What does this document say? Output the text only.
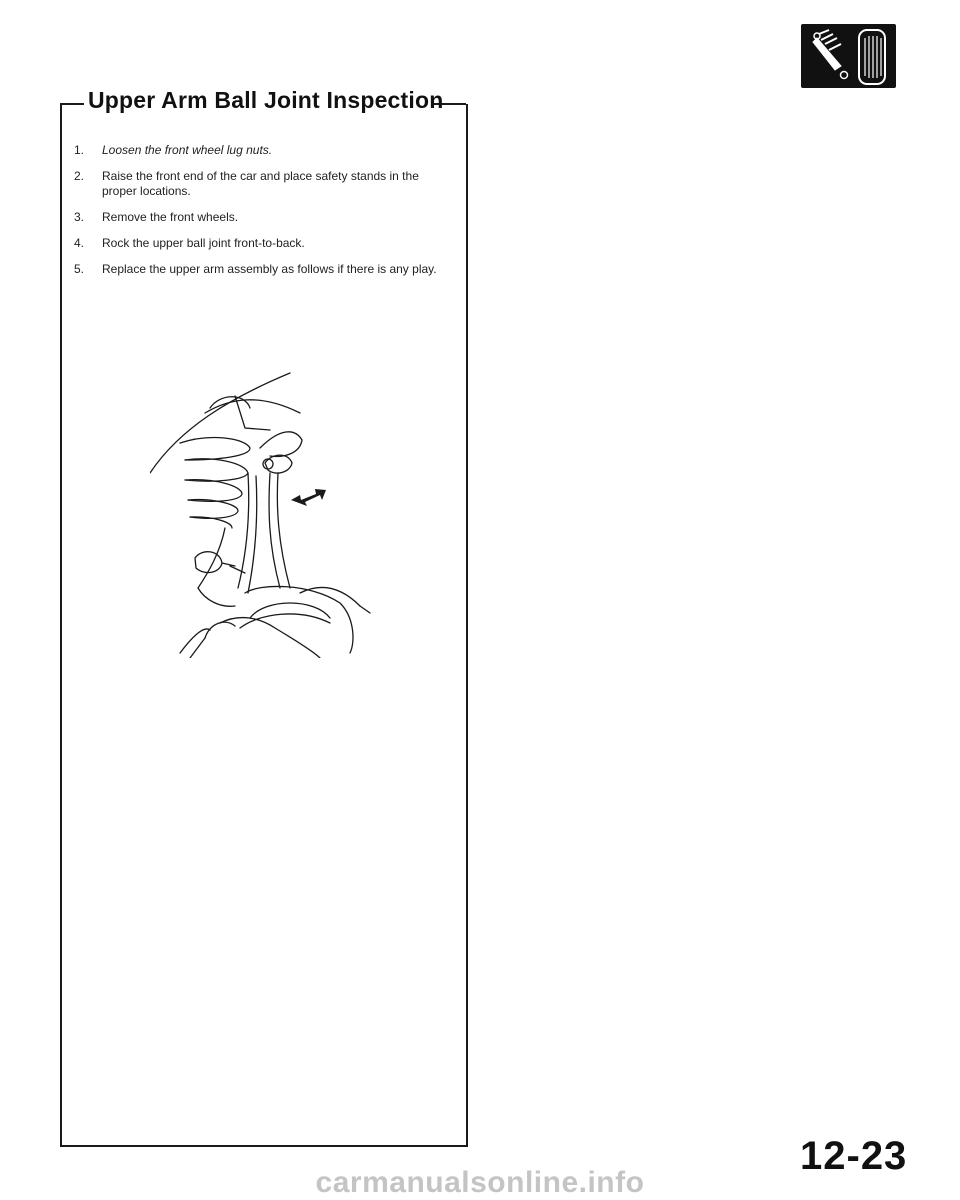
Upper Arm Ball Joint Inspection
1.	Loosen the front wheel lug nuts.
2.	Raise the front end of the car and place safety stands in the proper locations.
3.	Remove the front wheels.
4.	Rock the upper ball joint front-to-back.
5.	Replace the upper arm assembly as follows if there is any play.
12-23
carmanualsonline.info
